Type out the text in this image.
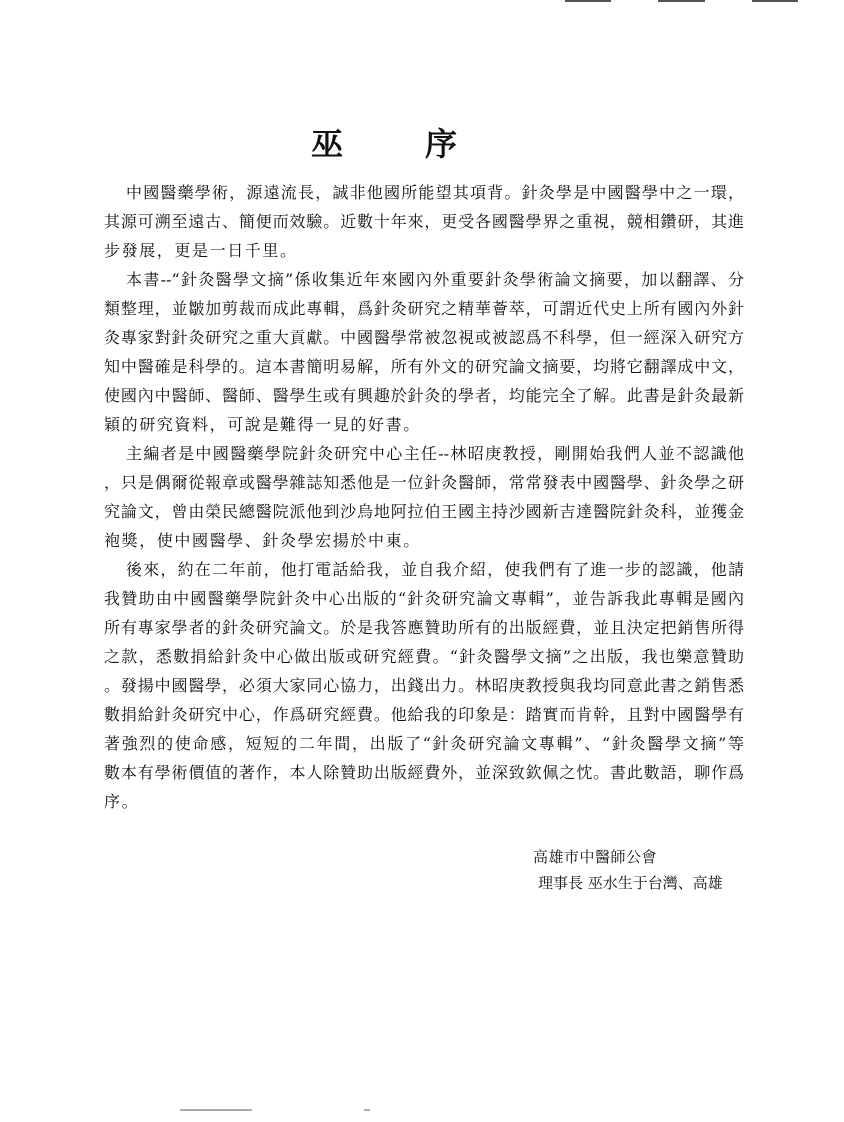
巫	序
中國醫藥學術，源遠流長，誠非他國所能望其項背。針灸學是中國醫學中之一環，
其源可溯至遠古、簡便而效驗。近數十年來，更受各國醫學界之重視，競相鑽研，其進
步發展，更是一日千里。
本書--“針灸醫學文摘”係收集近年來國內外重要針灸學術論文摘要，加以翻譯、分
類整理，並皺加剪裁而成此專輯，爲針灸研究之精華薈萃，可謂近代史上所有國內外針
灸專家對針灸研究之重大貢獻。中國醫學常被忽視或被認爲不科學，但一經深入研究方
知中醫確是科學的。這本書簡明易解，所有外文的研究論文摘要，均將它翻譯成中文，
使國內中醫師、醫師、醫學生或有興趣於針灸的學者，均能完全了解。此書是針灸最新
穎的研究資料，可說是難得一見的好書。
主編者是中國醫藥學院針灸研究中心主任--林昭庚教授，剛開始我們人並不認識他
，只是偶爾從報章或醫學雜誌知悉他是一位針灸醫師，常常發表中國醫學、針灸學之研
究論文，曾由榮民總醫院派他到沙烏地阿拉伯王國主持沙國新吉達醫院針灸科，並獲金
袍獎，使中國醫學、針灸學宏揚於中東。
後來，約在二年前，他打電話給我，並自我介紹，使我們有了進一步的認識，他請
我贊助由中國醫藥學院針灸中心出版的“針灸研究論文專輯”，並告訴我此專輯是國內
所有專家學者的針灸研究論文。於是我答應贊助所有的出版經費，並且決定把銷售所得
之款，悉數捐給針灸中心做出版或研究經費。“針灸醫學文摘”之出版，我也樂意贊助
。發揚中國醫學，必須大家同心協力，出錢出力。林昭庚教授與我均同意此書之銷售悉
數捐給針灸研究中心，作爲研究經費。他給我的印象是：踏實而肯幹，且對中國醫學有
著強烈的使命感，短短的二年間，出版了“針灸研究論文專輯”、“針灸醫學文摘”等
數本有學術價值的著作，本人除贊助出版經費外，並深致欽佩之忱。書此數語，聊作爲
序。
高雄市中醫師公會
理事長 巫水生于台灣、高雄
